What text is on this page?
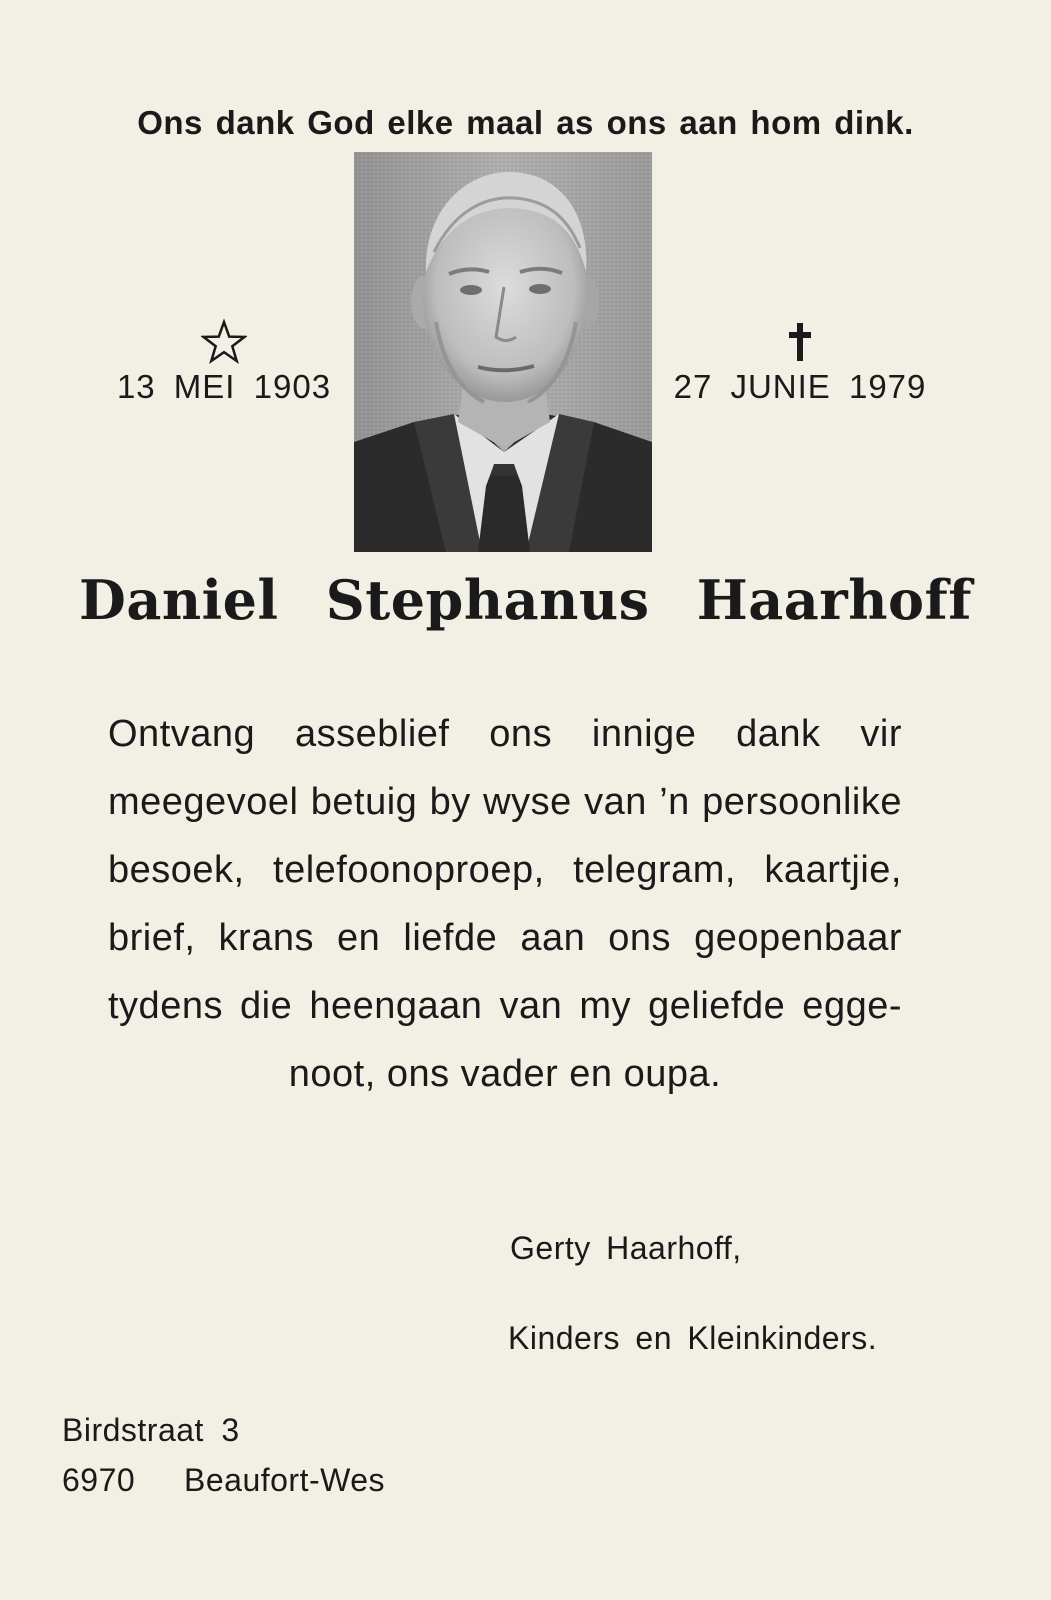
Ons dank God elke maal as ons aan hom dink.
13 MEI 1903	27 JUNIE 1979
Daniel Stephanus Haarhoff
Ontvang asseblief ons innige dank vir meegevoel betuig by wyse van ’n persoonlike besoek, telefoonoproep, telegram, kaartjie, brief, krans en liefde aan ons geopenbaar tydens die heengaan van my geliefde egge- noot, ons vader en oupa.
Gerty Haarhoff,
Kinders en Kleinkinders.
Birdstraat 3
6970 Beaufort-Wes
